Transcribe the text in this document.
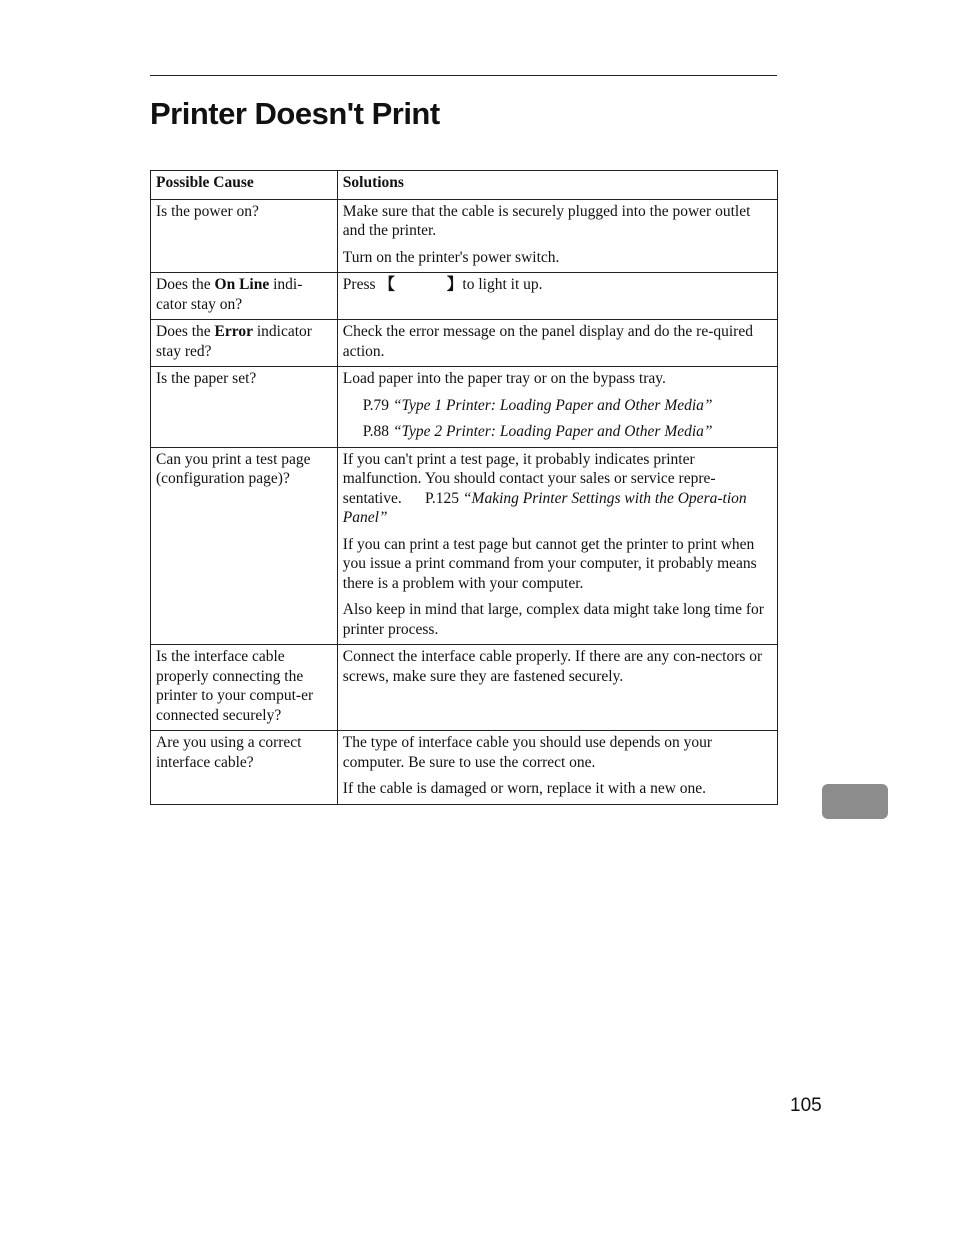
Printer Doesn't Print
Possible Cause	Solutions
Is the power on?	Make sure that the cable is securely plugged into the power outlet and the printer.

Turn on the printer's power switch.

Does the On Line indi-cator stay on?	Press 【 】to light it up.

Does the Error indicator stay red?	Check the error message on the panel display and do the re-quired action.

Is the paper set?	Load paper into the paper tray or on the bypass tray.

P.79 “Type 1 Printer: Loading Paper and Other Media”

P.88 “Type 2 Printer: Loading Paper and Other Media”

Can you print a test page (configuration page)?	If you can't print a test page, it probably indicates printer malfunction. You should contact your sales or service repre-sentative. P.125 “Making Printer Settings with the Opera-tion Panel”

If you can print a test page but cannot get the printer to print when you issue a print command from your computer, it probably means there is a problem with your computer.

Also keep in mind that large, complex data might take long time for printer process.

Is the interface cable properly connecting the printer to your comput-er connected securely?	Connect the interface cable properly. If there are any con-nectors or screws, make sure they are fastened securely.

Are you using a correct interface cable?	The type of interface cable you should use depends on your computer. Be sure to use the correct one.

If the cable is damaged or worn, replace it with a new one.

105
